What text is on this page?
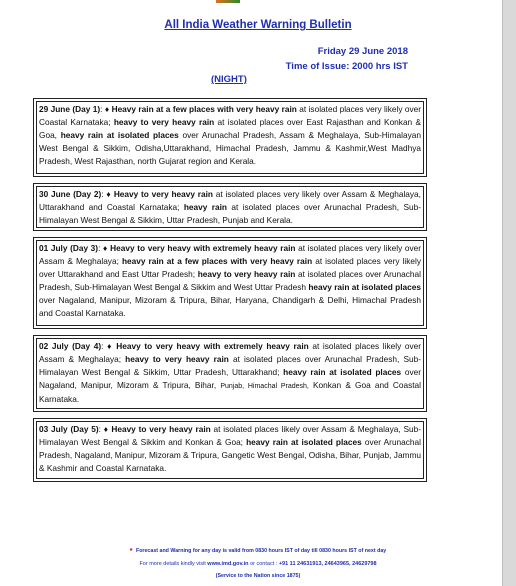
All India Weather Warning Bulletin
Friday 29 June 2018
Time of Issue: 2000 hrs IST
(NIGHT)
29 June (Day 1): ♦ Heavy rain at a few places with very heavy rain at isolated places very likely over Coastal Karnataka; heavy to very heavy rain at isolated places over East Rajasthan and Konkan & Goa, heavy rain at isolated places over Arunachal Pradesh, Assam & Meghalaya, Sub-Himalayan West Bengal & Sikkim, Odisha,Uttarakhand, Himachal Pradesh, Jammu & Kashmir,West Madhya Pradesh, West Rajasthan, north Gujarat region and Kerala.
30 June (Day 2): ♦ Heavy to very heavy rain at isolated places very likely over Assam & Meghalaya, Uttarakhand and Coastal Karnataka; heavy rain at isolated places over Arunachal Pradesh, Sub-Himalayan West Bengal & Sikkim, Uttar Pradesh, Punjab and Kerala.
01 July (Day 3): ♦ Heavy to very heavy with extremely heavy rain at isolated places very likely over Assam & Meghalaya; heavy rain at a few places with very heavy rain at isolated places very likely over Uttarakhand and East Uttar Pradesh; heavy to very heavy rain at isolated places over Arunachal Pradesh, Sub-Himalayan West Bengal & Sikkim and West Uttar Pradesh heavy rain at isolated places over Nagaland, Manipur, Mizoram & Tripura, Bihar, Haryana, Chandigarh & Delhi, Himachal Pradesh and Coastal Karnataka.
02 July (Day 4): ♦ Heavy to very heavy with extremely heavy rain at isolated places likely over Assam & Meghalaya; heavy to very heavy rain at isolated places over Arunachal Pradesh, Sub-Himalayan West Bengal & Sikkim, Uttar Pradesh, Uttarakhand; heavy rain at isolated places over Nagaland, Manipur, Mizoram & Tripura, Bihar, Punjab, Himachal Pradesh, Konkan & Goa and Coastal Karnataka.
03 July (Day 5): ♦ Heavy to very heavy rain at isolated places likely over Assam & Meghalaya, Sub-Himalayan West Bengal & Sikkim and Konkan & Goa; heavy rain at isolated places over Arunachal Pradesh, Nagaland, Manipur, Mizoram & Tripura, Gangetic West Bengal, Odisha, Bihar, Punjab, Jammu & Kashmir and Coastal Karnataka.
* Forecast and Warning for any day is valid from 0830 hours IST of day till 0830 hours IST of next day
For more details kindly visit www.imd.gov.in or contact : +91 11 24631913, 24643965, 24629798
(Service to the Nation since 1875)
